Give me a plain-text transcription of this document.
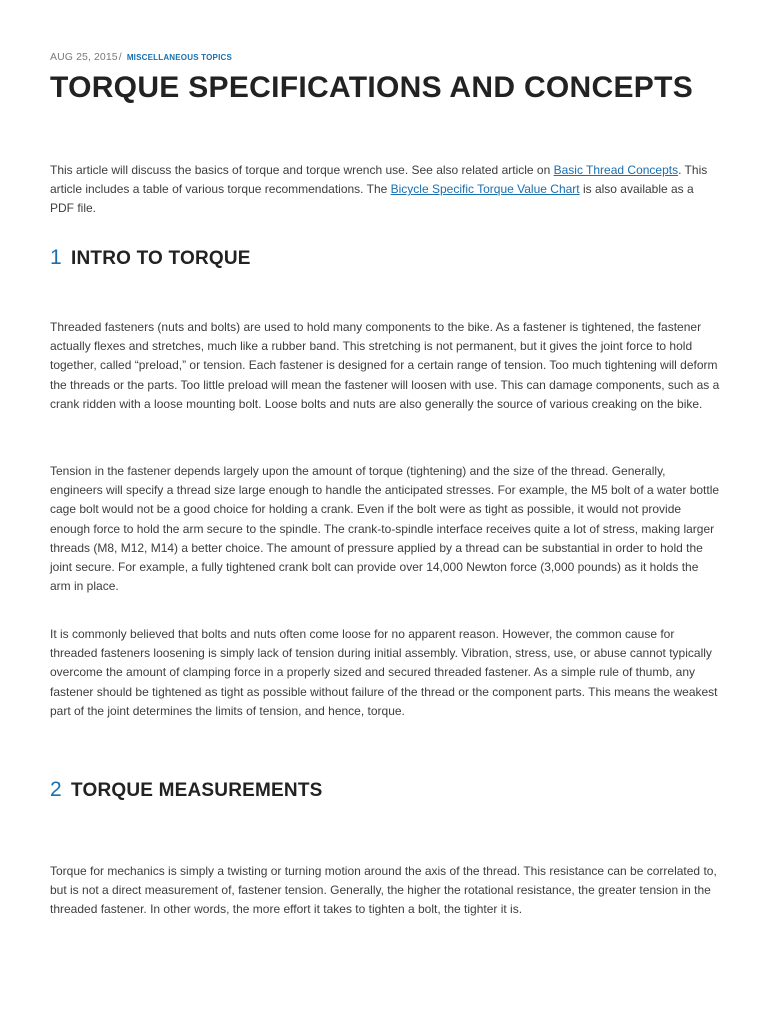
AUG 25, 2015/ MISCELLANEOUS TOPICS
TORQUE SPECIFICATIONS AND CONCEPTS

This article will discuss the basics of torque and torque wrench use. See also related article on Basic Thread Concepts. This article includes a table of various torque recommendations. The Bicycle Specific Torque Value Chart is also available as a PDF file.

1 INTRO TO TORQUE

Threaded fasteners (nuts and bolts) are used to hold many components to the bike. As a fastener is tightened, the fastener actually flexes and stretches, much like a rubber band. This stretching is not permanent, but it gives the joint force to hold together, called “preload,” or tension. Each fastener is designed for a certain range of tension. Too much tightening will deform the threads or the parts. Too little preload will mean the fastener will loosen with use. This can damage components, such as a crank ridden with a loose mounting bolt. Loose bolts and nuts are also generally the source of various creaking on the bike.

Tension in the fastener depends largely upon the amount of torque (tightening) and the size of the thread. Generally, engineers will specify a thread size large enough to handle the anticipated stresses. For example, the M5 bolt of a water bottle cage bolt would not be a good choice for holding a crank. Even if the bolt were as tight as possible, it would not provide enough force to hold the arm secure to the spindle. The crank-to-spindle interface receives quite a lot of stress, making larger threads (M8, M12, M14) a better choice. The amount of pressure applied by a thread can be substantial in order to hold the joint secure. For example, a fully tightened crank bolt can provide over 14,000 Newton force (3,000 pounds) as it holds the arm in place.

It is commonly believed that bolts and nuts often come loose for no apparent reason. However, the common cause for threaded fasteners loosening is simply lack of tension during initial assembly. Vibration, stress, use, or abuse cannot typically overcome the amount of clamping force in a properly sized and secured threaded fastener. As a simple rule of thumb, any fastener should be tightened as tight as possible without failure of the thread or the component parts. This means the weakest part of the joint determines the limits of tension, and hence, torque.

2 TORQUE MEASUREMENTS

Torque for mechanics is simply a twisting or turning motion around the axis of the thread. This resistance can be correlated to, but is not a direct measurement of, fastener tension. Generally, the higher the rotational resistance, the greater tension in the threaded fastener. In other words, the more effort it takes to tighten a bolt, the tighter it is.
